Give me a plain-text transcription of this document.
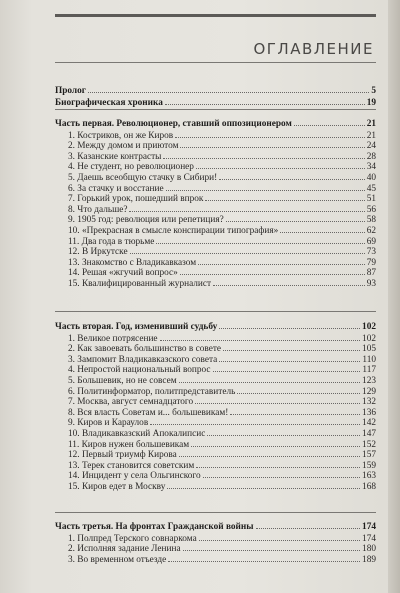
ОГЛАВЛЕНИЕ
Пролог	5
Биографическая хроника	19
Часть первая. Революционер, ставший оппозиционером	21
1. Костриков, он же Киров	21
2. Между домом и приютом	24
3. Казанские контрасты	28
4. Не студент, но революционер	34
5. Даешь всеобщую стачку в Сибири!	40
6. За стачку и восстание	45
7. Горький урок, пошедший впрок	51
8. Что дальше?	56
9. 1905 год: революция или репетиция?	58
10. «Прекрасная в смысле конспирации типография»	62
11. Два года в тюрьме	69
12. В Иркутске	73
13. Знакомство с Владикавказом	79
14. Решая «жгучий вопрос»	87
15. Квалифицированный журналист	93
Часть вторая. Год, изменивший судьбу	102
1. Великое потрясение	102
2. Как завоевать большинство в совете	105
3. Зампомит Владикавказского совета	110
4. Непростой национальный вопрос	117
5. Большевик, но не совсем	123
6. Политинформатор, политпредставитель	129
7. Москва, август семнадцатого	132
8. Вся власть Советам и... большевикам!	136
9. Киров и Караулов	142
10. Владикавказский Апокалипсис	147
11. Киров нужен большевикам	152
12. Первый триумф Кирова	157
13. Терек становится советским	159
14. Инцидент у села Ольгинского	163
15. Киров едет в Москву	168
Часть третья. На фронтах Гражданской войны	174
1. Полпред Терского совнаркома	174
2. Исполняя задание Ленина	180
3. Во временном отъезде	189
